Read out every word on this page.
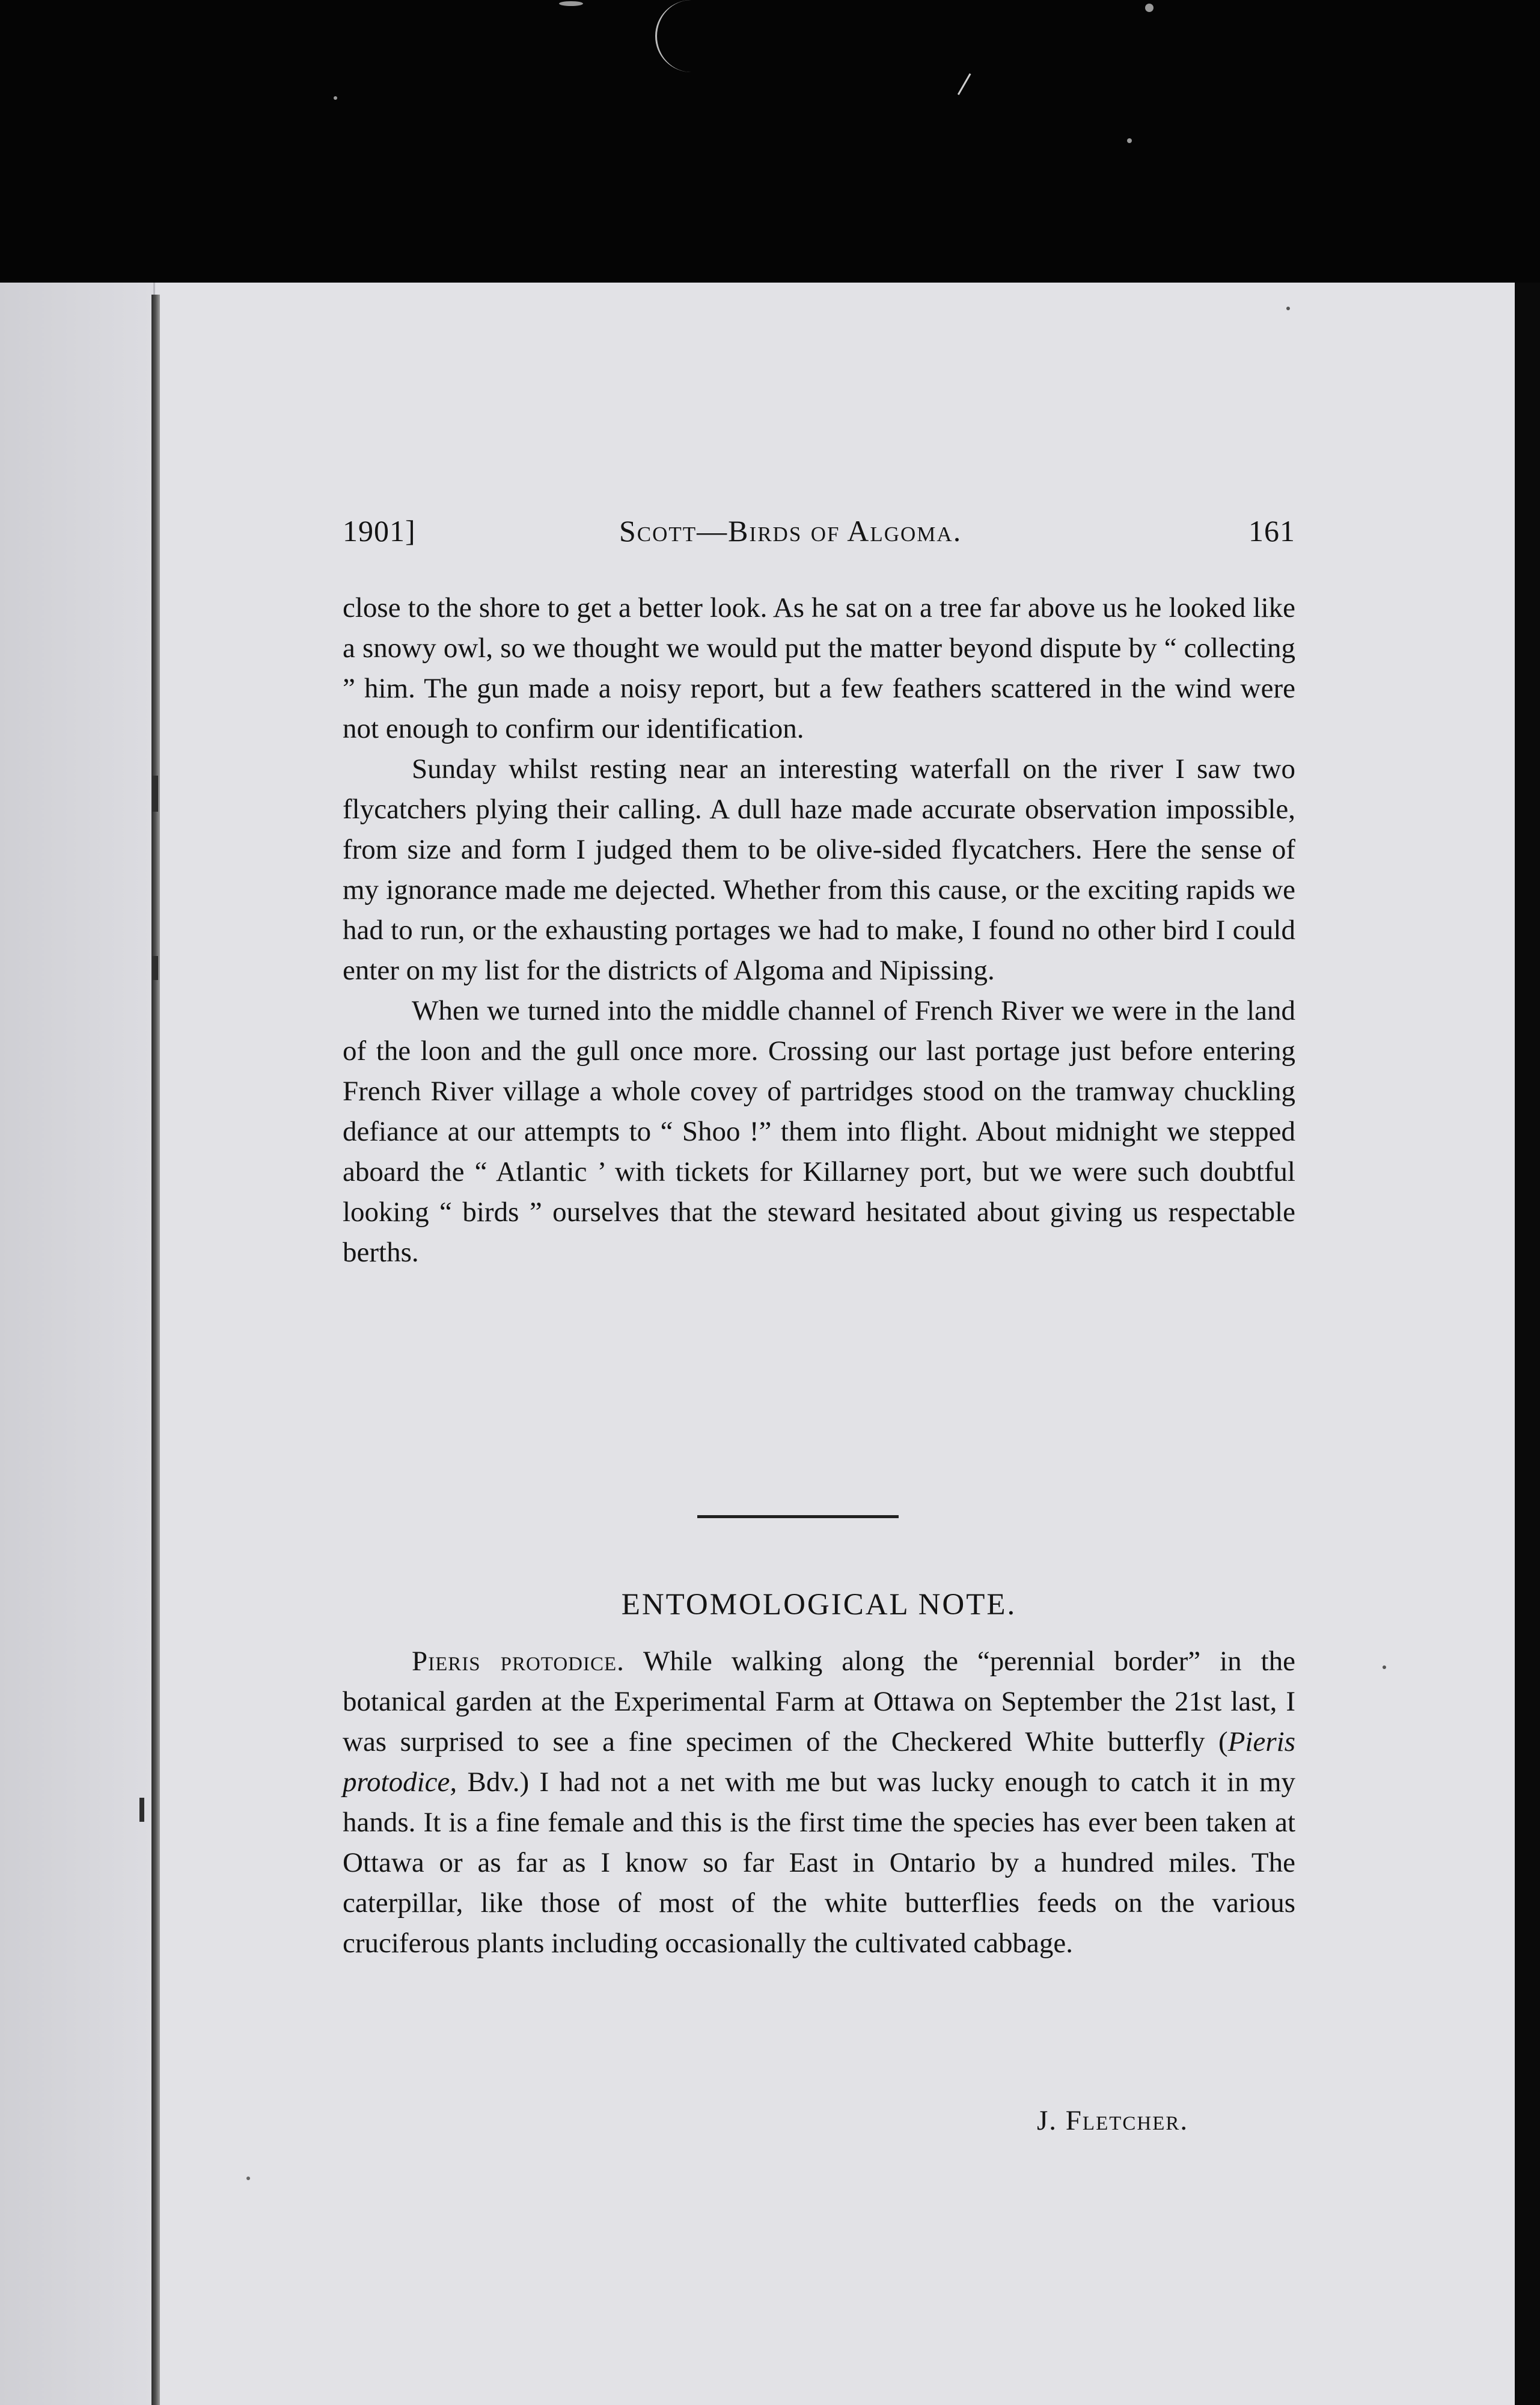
1901]	Scott—Birds of Algoma.	161

close to the shore to get a better look. As he sat on a tree far above us he looked like a snowy owl, so we thought we would put the matter beyond dispute by “ collecting ” him. The gun made a noisy report, but a few feathers scattered in the wind were not enough to confirm our identification.

Sunday whilst resting near an interesting waterfall on the river I saw two flycatchers plying their calling. A dull haze made accurate observation impossible, from size and form I judged them to be olive-sided flycatchers. Here the sense of my ignorance made me dejected. Whether from this cause, or the exciting rapids we had to run, or the exhausting portages we had to make, I found no other bird I could enter on my list for the districts of Algoma and Nipissing.

When we turned into the middle channel of French River we were in the land of the loon and the gull once more. Crossing our last portage just before entering French River village a whole covey of partridges stood on the tramway chuckling defiance at our attempts to “ Shoo !” them into flight. About midnight we stepped aboard the “ Atlantic ’ with tickets for Killarney port, but we were such doubtful looking “ birds ” ourselves that the steward hesitated about giving us respectable berths.

ENTOMOLOGICAL NOTE.

Pieris protodice. While walking along the “perennial border” in the botanical garden at the Experimental Farm at Ottawa on September the 21st last, I was surprised to see a fine specimen of the Checkered White butterfly (Pieris protodice, Bdv.) I had not a net with me but was lucky enough to catch it in my hands. It is a fine female and this is the first time the species has ever been taken at Ottawa or as far as I know so far East in Ontario by a hundred miles. The caterpillar, like those of most of the white butterflies feeds on the various cruciferous plants including occasionally the cultivated cabbage.

J. Fletcher.
